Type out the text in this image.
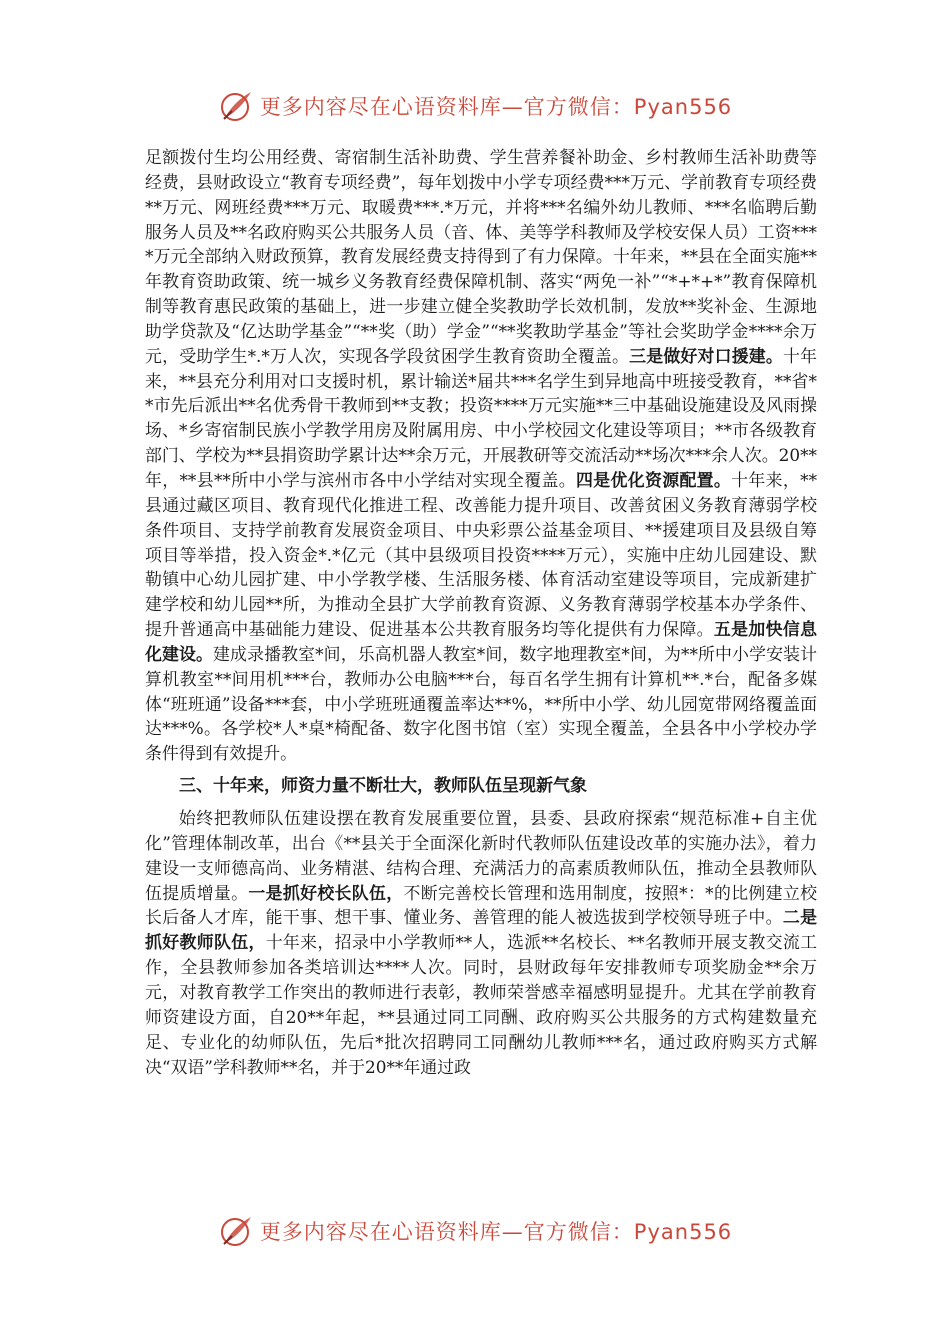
更多内容尽在心语资料库—官方微信：Pyan556

足额拨付生均公用经费、寄宿制生活补助费、学生营养餐补助金、乡村教师生活补助费等经费，县财政设立“教育专项经费”，每年划拨中小学专项经费***万元、学前教育专项经费**万元、网班经费***万元、取暖费***.*万元，并将***名编外幼儿教师、***名临聘后勤服务人员及**名政府购买公共服务人员（音、体、美等学科教师及学校安保人员）工资****万元全部纳入财政预算，教育发展经费支持得到了有力保障。十年来，**县在全面实施**年教育资助政策、统一城乡义务教育经费保障机制、落实“两免一补”“*+*+*”教育保障机制等教育惠民政策的基础上，进一步建立健全奖教助学长效机制，发放**奖补金、生源地助学贷款及“亿达助学基金”“**奖（助）学金”“**奖教助学基金”等社会奖助学金****余万元，受助学生*.*万人次，实现各学段贫困学生教育资助全覆盖。三是做好对口援建。十年来，**县充分利用对口支援时机，累计输送*届共***名学生到异地高中班接受教育，**省**市先后派出**名优秀骨干教师到**支教；投资****万元实施**三中基础设施建设及风雨操场、*乡寄宿制民族小学教学用房及附属用房、中小学校园文化建设等项目；**市各级教育部门、学校为**县捐资助学累计达**余万元，开展教研等交流活动**场次***余人次。20**年，**县**所中小学与滨州市各中小学结对实现全覆盖。四是优化资源配置。十年来，**县通过藏区项目、教育现代化推进工程、改善能力提升项目、改善贫困义务教育薄弱学校条件项目、支持学前教育发展资金项目、中央彩票公益基金项目、**援建项目及县级自筹项目等举措，投入资金*.*亿元（其中县级项目投资****万元），实施中庄幼儿园建设、默勒镇中心幼儿园扩建、中小学教学楼、生活服务楼、体育活动室建设等项目，完成新建扩建学校和幼儿园**所，为推动全县扩大学前教育资源、义务教育薄弱学校基本办学条件、提升普通高中基础能力建设、促进基本公共教育服务均等化提供有力保障。五是加快信息化建设。建成录播教室*间，乐高机器人教室*间，数字地理教室*间，为**所中小学安装计算机教室**间用机***台，教师办公电脑***台，每百名学生拥有计算机**.*台，配备多媒体“班班通”设备***套，中小学班班通覆盖率达**%，**所中小学、幼儿园宽带网络覆盖面达***%。各学校*人*桌*椅配备、数字化图书馆（室）实现全覆盖，全县各中小学校办学条件得到有效提升。

三、十年来，师资力量不断壮大，教师队伍呈现新气象

始终把教师队伍建设摆在教育发展重要位置，县委、县政府探索“规范标准+自主优化”管理体制改革，出台《**县关于全面深化新时代教师队伍建设改革的实施办法》，着力建设一支师德高尚、业务精湛、结构合理、充满活力的高素质教师队伍，推动全县教师队伍提质增量。一是抓好校长队伍，不断完善校长管理和选用制度，按照*：*的比例建立校长后备人才库，能干事、想干事、懂业务、善管理的能人被选拔到学校领导班子中。二是抓好教师队伍，十年来，招录中小学教师**人，选派**名校长、**名教师开展支教交流工作，全县教师参加各类培训达****人次。同时，县财政每年安排教师专项奖励金**余万元，对教育教学工作突出的教师进行表彰，教师荣誉感幸福感明显提升。尤其在学前教育师资建设方面，自20**年起，**县通过同工同酬、政府购买公共服务的方式构建数量充足、专业化的幼师队伍，先后*批次招聘同工同酬幼儿教师***名，通过政府购买方式解决“双语”学科教师**名，并于20**年通过政

更多内容尽在心语资料库—官方微信：Pyan556
